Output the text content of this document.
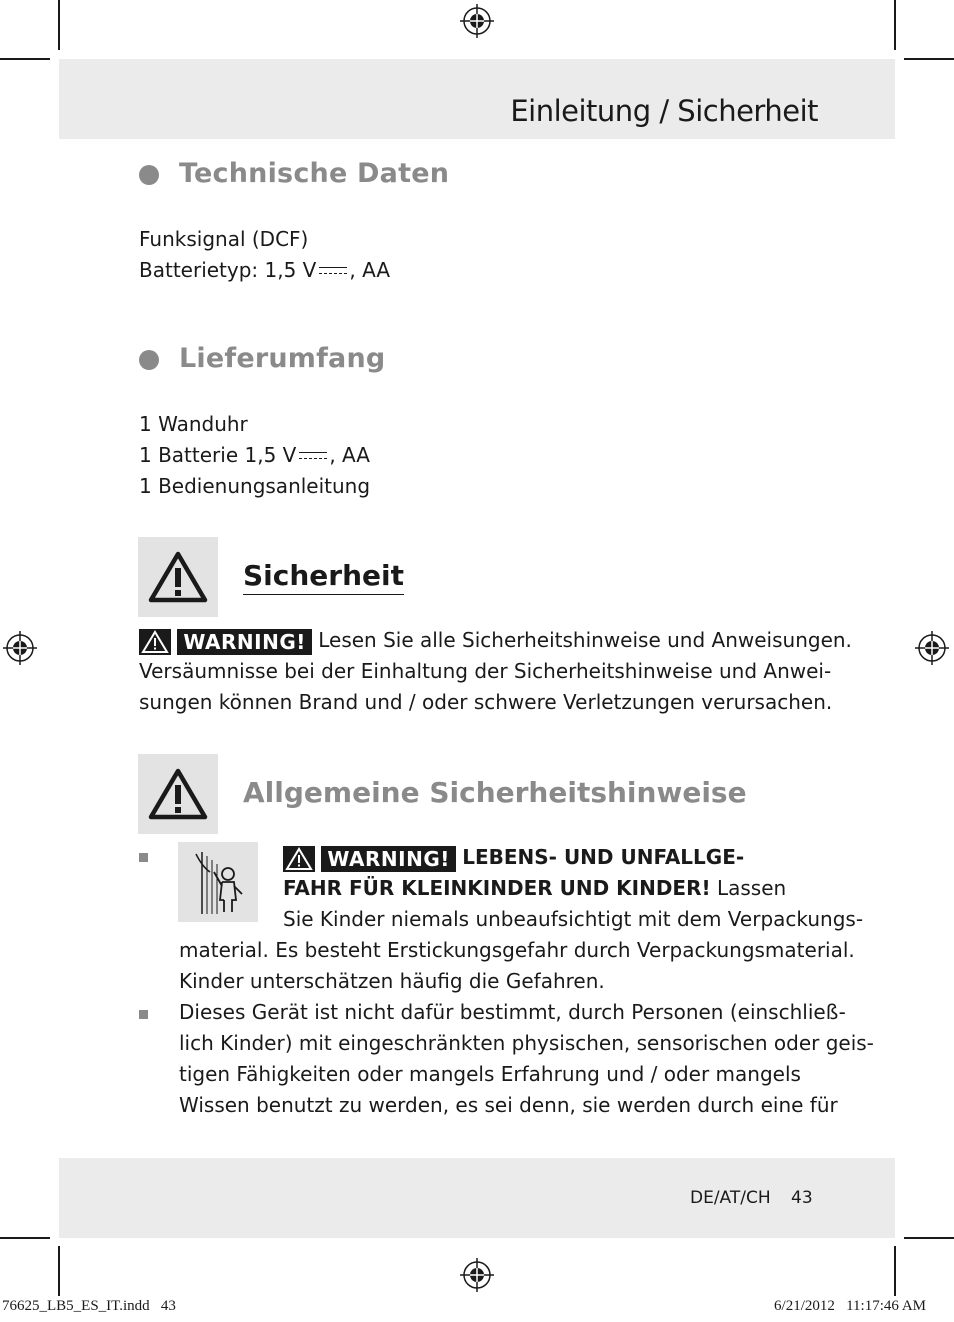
Einleitung / Sicherheit
Technische Daten
Funksignal (DCF)
Batterietyp: 1,5 V , AA
Lieferumfang
1 Wanduhr
1 Batterie 1,5 V , AA
1 Bedienungsanleitung
Sicherheit
WARNING! Lesen Sie alle Sicherheitshinweise und Anweisungen.
Versäumnisse bei der Einhaltung der Sicherheitshinweise und Anwei-
sungen können Brand und / oder schwere Verletzungen verursachen.
Allgemeine Sicherheitshinweise
WARNING! LEBENS- UND UNFALLGE-
FAHR FÜR KLEINKINDER UND KINDER! Lassen
Sie Kinder niemals unbeaufsichtigt mit dem Verpackungs-
material. Es besteht Erstickungsgefahr durch Verpackungsmaterial.
Kinder unterschätzen häufig die Gefahren.
Dieses Gerät ist nicht dafür bestimmt, durch Personen (einschließ-
lich Kinder) mit eingeschränkten physischen, sensorischen oder geis-
tigen Fähigkeiten oder mangels Erfahrung und / oder mangels
Wissen benutzt zu werden, es sei denn, sie werden durch eine für
DE/AT/CH 43
76625_LB5_ES_IT.indd   43	6/21/2012   11:17:46 AM
